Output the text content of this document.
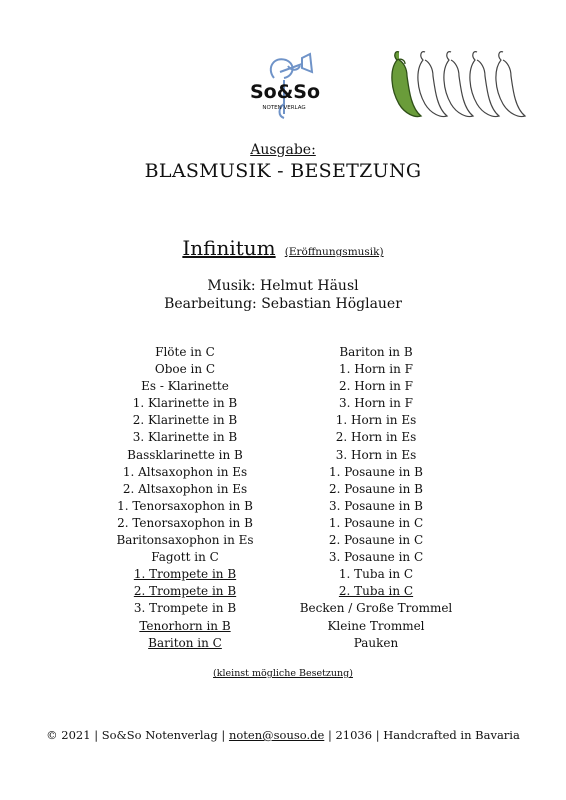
So&So
NOTEN VERLAG
Ausgabe:
BLASMUSIK - BESETZUNG
Infinitum (Eröffnungsmusik)
Musik: Helmut Häusl
Bearbeitung: Sebastian Höglauer
Flöte in C
Oboe in C
Es - Klarinette
1. Klarinette in B
2. Klarinette in B
3. Klarinette in B
Bassklarinette in B
1. Altsaxophon in Es
2. Altsaxophon in Es
1. Tenorsaxophon in B
2. Tenorsaxophon in B
Baritonsaxophon in Es
Fagott in C
1. Trompete in B
2. Trompete in B
3. Trompete in B
Tenorhorn in B
Bariton in C
Bariton in B
1. Horn in F
2. Horn in F
3. Horn in F
1. Horn in Es
2. Horn in Es
3. Horn in Es
1. Posaune in B
2. Posaune in B
3. Posaune in B
1. Posaune in C
2. Posaune in C
3. Posaune in C
1. Tuba in C
2. Tuba in C
Becken / Große Trommel
Kleine Trommel
Pauken
(kleinst mögliche Besetzung)
© 2021 | So&So Notenverlag | noten@souso.de | 21036 | Handcrafted in Bavaria
